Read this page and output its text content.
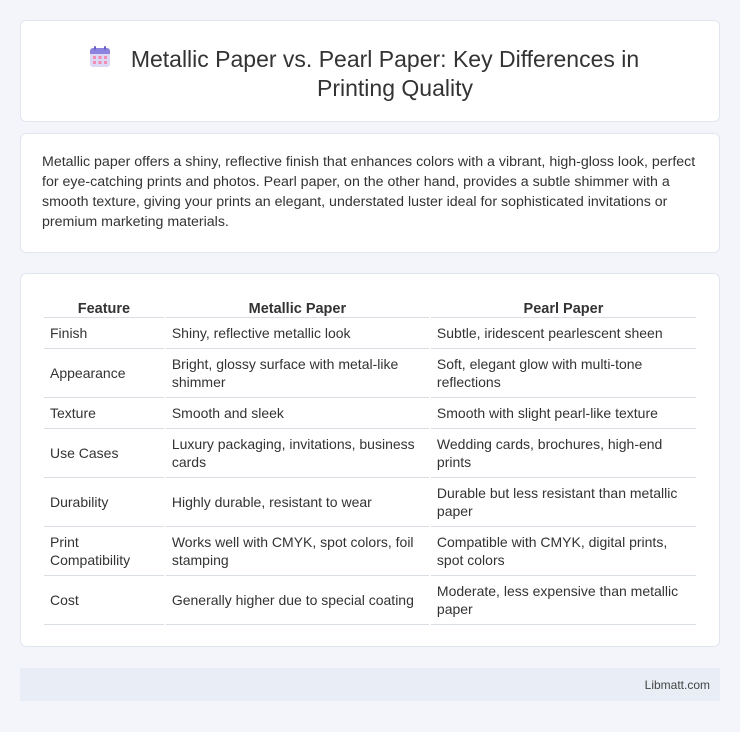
Metallic Paper vs. Pearl Paper: Key Differences in Printing Quality

Metallic paper offers a shiny, reflective finish that enhances colors with a vibrant, high-gloss look, perfect for eye-catching prints and photos. Pearl paper, on the other hand, provides a subtle shimmer with a smooth texture, giving your prints an elegant, understated luster ideal for sophisticated invitations or premium marketing materials.

Feature	Metallic Paper	Pearl Paper
Finish	Shiny, reflective metallic look	Subtle, iridescent pearlescent sheen
Appearance	Bright, glossy surface with metal-like shimmer	Soft, elegant glow with multi-tone reflections
Texture	Smooth and sleek	Smooth with slight pearl-like texture
Use Cases	Luxury packaging, invitations, business cards	Wedding cards, brochures, high-end prints
Durability	Highly durable, resistant to wear	Durable but less resistant than metallic paper
Print Compatibility	Works well with CMYK, spot colors, foil stamping	Compatible with CMYK, digital prints, spot colors
Cost	Generally higher due to special coating	Moderate, less expensive than metallic paper
Libmatt.com
